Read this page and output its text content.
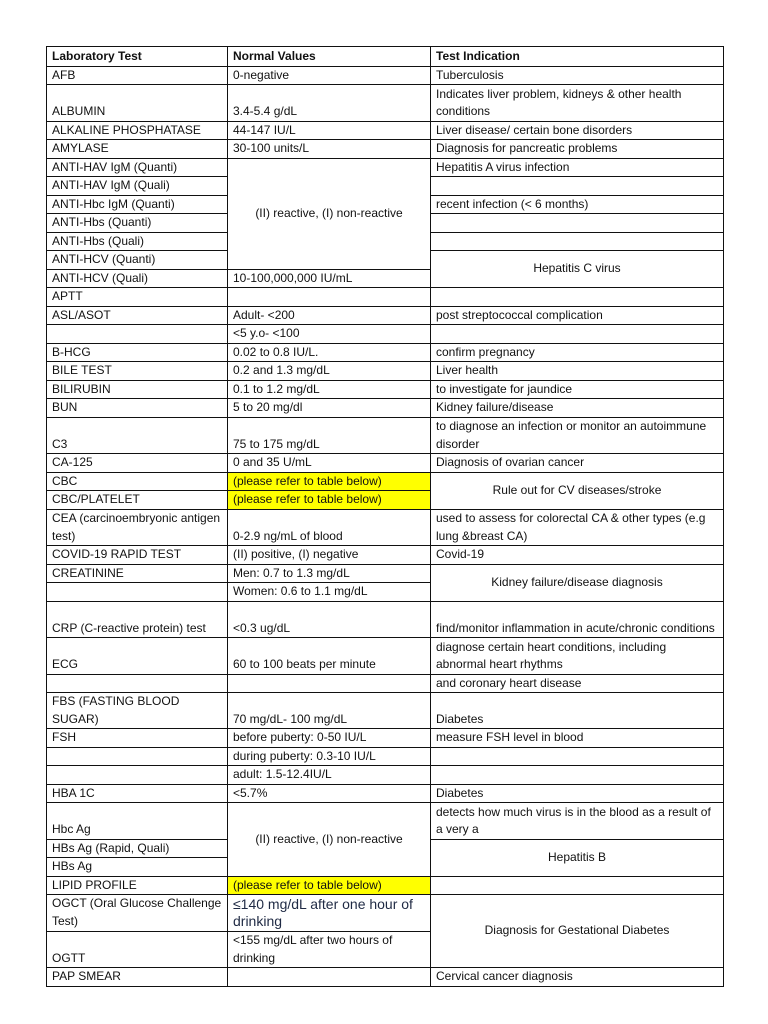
Laboratory Test	Normal Values	Test Indication
AFB	0-negative	Tuberculosis
ALBUMIN	3.4-5.4 g/dL	Indicates liver problem, kidneys & other health conditions
ALKALINE PHOSPHATASE	44-147 IU/L	Liver disease/ certain bone disorders
AMYLASE	30-100 units/L	Diagnosis for pancreatic problems
ANTI-HAV IgM (Quanti)	(II) reactive, (I) non-reactive	Hepatitis A virus infection
ANTI-HAV IgM (Quali)		
ANTI-Hbc IgM (Quanti)		recent infection (< 6 months)
ANTI-Hbs (Quanti)		
ANTI-Hbs (Quali)		
ANTI-HCV (Quanti)		Hepatitis C virus
ANTI-HCV (Quali)	10-100,000,000 IU/mL	
APTT		
ASL/ASOT	Adult- <200	post streptococcal complication
	<5 y.o- <100	
B-HCG	0.02 to 0.8 IU/L.	confirm pregnancy
BILE TEST	0.2 and 1.3 mg/dL	Liver health
BILIRUBIN	0.1 to 1.2 mg/dL	to investigate for jaundice
BUN	5 to 20 mg/dl	Kidney failure/disease
C3	75 to 175 mg/dL	to diagnose an infection or monitor an autoimmune disorder
CA-125	0 and 35 U/mL	Diagnosis of ovarian cancer
CBC	(please refer to table below)	Rule out for CV diseases/stroke
CBC/PLATELET	(please refer to table below)	
CEA (carcinoembryonic antigen test)	0-2.9 ng/mL of blood	used to assess for colorectal CA & other types (e.g lung &breast CA)
COVID-19 RAPID TEST	(II) positive, (I) negative	Covid-19
CREATININE	Men: 0.7 to 1.3 mg/dL	Kidney failure/disease diagnosis
	Women: 0.6 to 1.1 mg/dL	
CRP (C-reactive protein) test	<0.3 ug/dL	find/monitor inflammation in acute/chronic conditions
ECG	60 to 100 beats per minute	diagnose certain heart conditions, including abnormal heart rhythms
		and coronary heart disease
FBS (FASTING BLOOD SUGAR)	70 mg/dL- 100 mg/dL	Diabetes
FSH	before puberty: 0-50 IU/L	measure FSH level in blood
	during puberty: 0.3-10 IU/L	
	adult: 1.5-12.4IU/L	
HBA 1C	<5.7%	Diabetes
Hbc Ag	(II) reactive, (I) non-reactive	detects how much virus is in the blood as a result of a very a
HBs Ag (Rapid, Quali)		Hepatitis B
HBs Ag		
LIPID PROFILE	(please refer to table below)	
OGCT (Oral Glucose Challenge Test)	≤140 mg/dL after one hour of drinking	Diagnosis for Gestational Diabetes
OGTT	<155 mg/dL after two hours of drinking	
PAP SMEAR		Cervical cancer diagnosis
